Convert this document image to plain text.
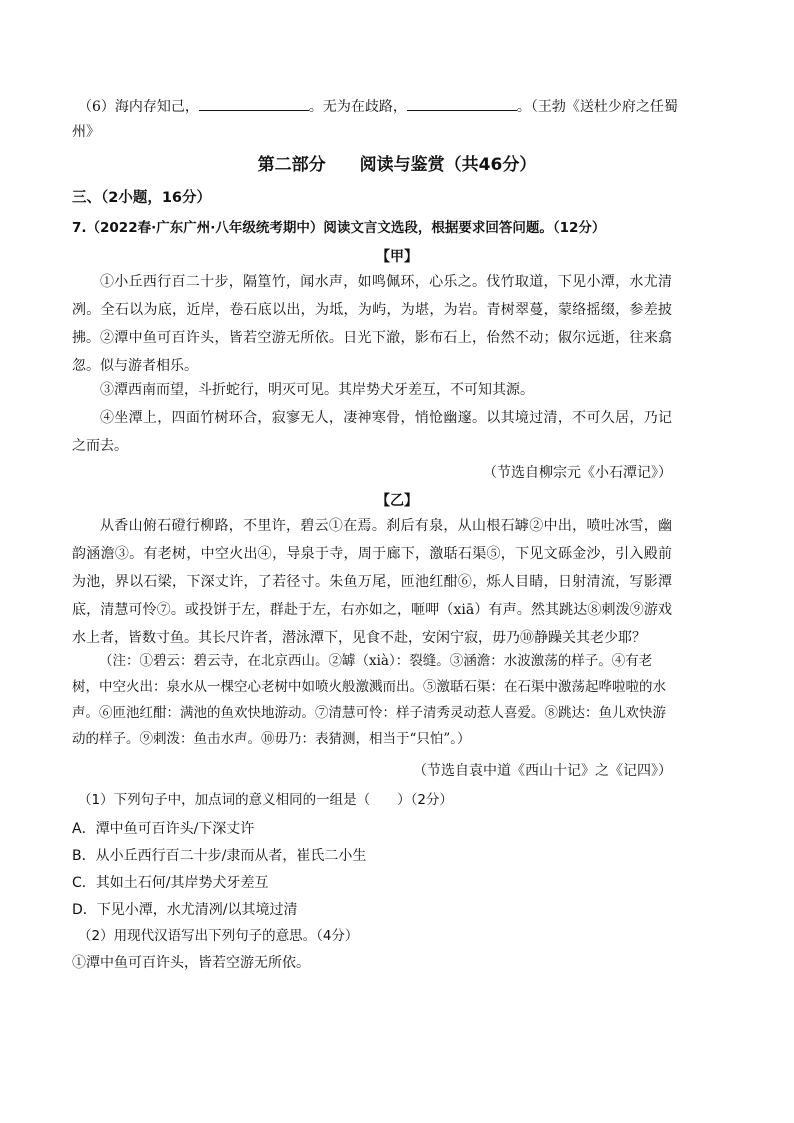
（6）海内存知己，	。无为在歧路，	。（王勃《送杜少府之任蜀
州》
第二部分　　阅读与鉴赏（共46分）
三、（2小题，16分）
7.（2022春·广东广州·八年级统考期中）阅读文言文选段，根据要求回答问题。（12分）
【甲】
①小丘西行百二十步，隔篁竹，闻水声，如鸣佩环，心乐之。伐竹取道，下见小潭，水尤清冽。全石以为底，近岸，卷石底以出，为坻，为屿，为堪，为岩。青树翠蔓，蒙络摇缀，参差披拂。 ②潭中鱼可百许头，皆若空游无所依。日光下澈，影布石上，佁然不动；俶尔远逝，往来翕忽。似与游者相乐。
③潭西南而望，斗折蛇行，明灭可见。其岸势犬牙差互，不可知其源。
④坐潭上，四面竹树环合，寂寥无人，凄神寒骨，悄怆幽邃。以其境过清，不可久居，乃记之而去。
（节选自柳宗元《小石潭记》）
【乙】
从香山俯石磴行柳路，不里许，碧云①在焉。刹后有泉，从山根石罅②中出，喷吐冰雪，幽韵涵澹③。有老树，中空火出④，导泉于寺，周于廊下，激聒石渠⑤，下见文砾金沙，引入殿前为池，界以石梁，下深丈许，了若径寸。朱鱼万尾，匝池红酣⑥，烁人目睛，日射清流，写影潭底，清慧可怜⑦。或投饼于左，群赴于左，右亦如之，咂呷（xiā）有声。然其跳达⑧刺泼⑨游戏水上者，皆数寸鱼。其长尺许者，潜泳潭下，见食不赴，安闲宁寂，毋乃⑩静躁关其老少耶？
（注：①碧云：碧云寺，在北京西山。②罅（xià）：裂缝。③涵澹：水波激荡的样子。④有老树，中空火出：泉水从一棵空心老树中如喷火般激溅而出。⑤激聒石渠：在石渠中激荡起哗啦啦的水声。⑥匝池红酣：满池的鱼欢快地游动。⑦清慧可怜：样子清秀灵动惹人喜爱。⑧跳达：鱼儿欢快游动的样子。⑨刺泼：鱼击水声。⑩毋乃：表猜测，相当于“只怕”。）
（节选自袁中道《西山十记》之《记四》）
（1）下列句子中，加点词的意义相同的一组是（　　）（2分）
A．潭中鱼可百许头/下深丈许
B．从小丘西行百二十步/隶而从者，崔氏二小生
C．其如土石何/其岸势犬牙差互
D．下见小潭，水尤清冽/以其境过清
（2）用现代汉语写出下列句子的意思。（4分）
①潭中鱼可百许头，皆若空游无所依。
